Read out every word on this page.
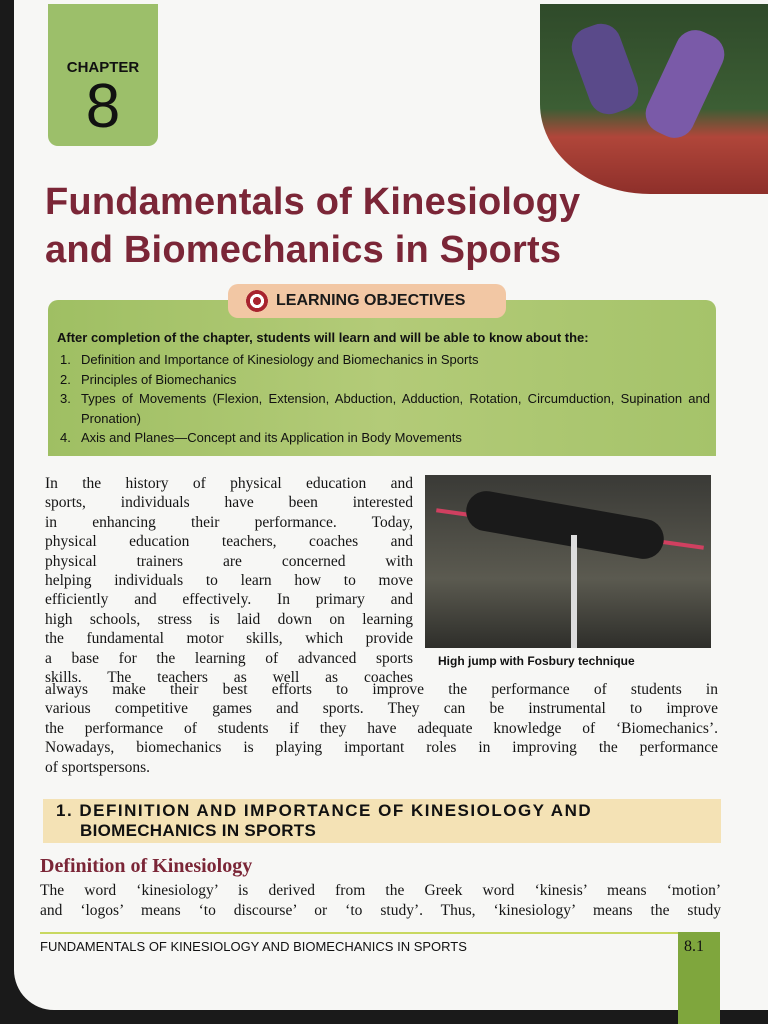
CHAPTER
8
Fundamentals of Kinesiology
and Biomechanics in Sports
LEARNING OBJECTIVES
After completion of the chapter, students will learn and will be able to know about the:
1. Definition and Importance of Kinesiology and Biomechanics in Sports
2. Principles of Biomechanics
3. Types of Movements (Flexion, Extension, Abduction, Adduction, Rotation, Circumduction, Supination and Pronation)
4. Axis and Planes—Concept and its Application in Body Movements
In the history of physical education and
sports, individuals have been interested
in enhancing their performance. Today,
physical education teachers, coaches and
physical trainers are concerned with
helping individuals to learn how to move
efficiently and effectively. In primary and
high schools, stress is laid down on learning
the fundamental motor skills, which provide
a base for the learning of advanced sports
skills. The teachers as well as coaches
always make their best efforts to improve the performance of students in
various competitive games and sports. They can be instrumental to improve
the performance of students if they have adequate knowledge of ‘Biomechanics’.
Nowadays, biomechanics is playing important roles in improving the performance
of sportspersons.
High jump with Fosbury technique
1. DEFINITION AND IMPORTANCE OF KINESIOLOGY AND
BIOMECHANICS IN SPORTS
Definition of Kinesiology
The word ‘kinesiology’ is derived from the Greek word ‘kinesis’ means ‘motion’
and ‘logos’ means ‘to discourse’ or ‘to study’. Thus, ‘kinesiology’ means the study
FUNDAMENTALS OF KINESIOLOGY AND BIOMECHANICS IN SPORTS	8.1
